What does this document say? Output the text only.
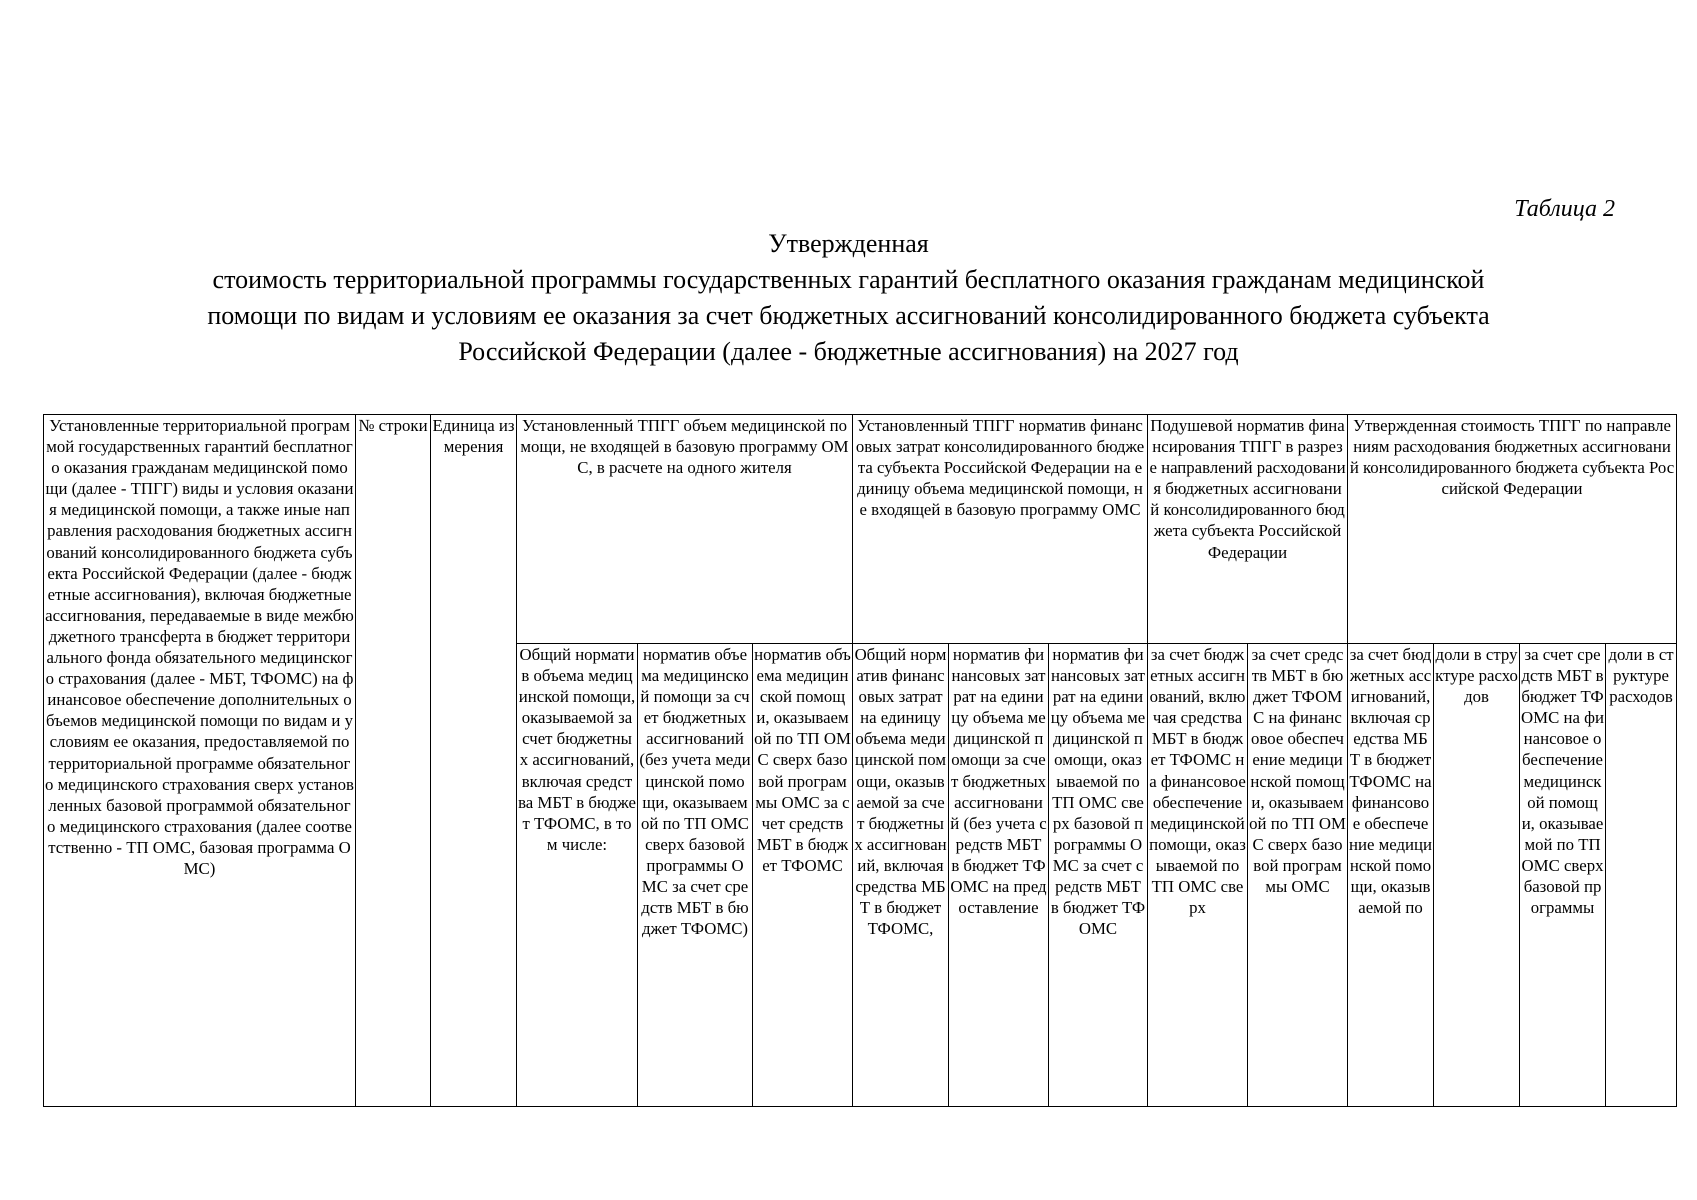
Таблица 2
Утвержденная
стоимость территориальной программы государственных гарантий бесплатного оказания гражданам медицинской
помощи по видам и условиям ее оказания за счет бюджетных ассигнований консолидированного бюджета субъекта
Российской Федерации (далее - бюджетные ассигнования) на 2027 год
Установленные территориальной программой государственных гарантий бесплатного оказания гражданам медицинской помощи (далее - ТПГГ) виды и условия оказания медицинской помощи, а также иные направления расходования бюджетных ассигнований консолидированного бюджета субъекта Российской Федерации (далее - бюджетные ассигнования), включая бюджетные ассигнования, передаваемые в виде межбюджетного трансферта в бюджет территориального фонда обязательного медицинского страхования (далее - МБТ, ТФОМС) на финансовое обеспечение дополнительных объемов медицинской помощи по видам и условиям ее оказания, предоставляемой по территориальной программе обязательного медицинского страхования сверх установленных базовой программой обязательного медицинского страхования (далее соответственно - ТП ОМС, базовая программа ОМС)	№ строки	Единица измерения	Установленный ТПГГ объем медицинской помощи, не входящей в базовую программу ОМС, в расчете на одного жителя			Установленный ТПГГ норматив финансовых затрат консолидированного бюджета субъекта Российской Федерации на единицу объема медицинской помощи, не входящей в базовую программу ОМС			Подушевой норматив финансирования ТПГГ в разрезе направлений расходования бюджетных ассигнований консолидированного бюджета субъекта Российской Федерации		Утвержденная стоимость ТПГГ по направлениям расходования бюджетных ассигнований консолидированного бюджета субъекта Российской Федерации			
			Общий норматив объема медицинской помощи, оказываемой за счет бюджетных ассигнований, включая средства МБТ в бюджет ТФОМС, в том числе:	норматив объема медицинской помощи за счет бюджетных ассигнований (без учета медицинской помощи, оказываемой по ТП ОМС сверх базовой программы ОМС за счет средств МБТ в бюджет ТФОМС)	норматив объема медицинской помощи, оказываемой по ТП ОМС сверх базовой программы ОМС за счет средств МБТ в бюджет ТФОМС	Общий норматив финансовых затрат на единицу объема медицинской помощи, оказываемой за счет бюджетных ассигнований, включая средства МБТ в бюджет ТФОМС,	норматив финансовых затрат на единицу объема медицинской помощи за счет бюджетных ассигнований (без учета средств МБТ в бюджет ТФОМС на предоставление	норматив финансовых затрат на единицу объема медицинской помощи, оказываемой по ТП ОМС сверх базовой программы ОМС за счет средств МБТ в бюджет ТФОМС	за счет бюджетных ассигнований, включая средства МБТ в бюджет ТФОМС на финансовое обеспечение медицинской помощи, оказываемой по ТП ОМС сверх	за счет средств МБТ в бюджет ТФОМС на финансовое обеспечение медицинской помощи, оказываемой по ТП ОМС сверх базовой программы ОМС	за счет бюджетных ассигнований, включая средства МБТ в бюджет ТФОМС на финансовое обеспечение медицинской помощи, оказываемой по	доли в структуре расходов	за счет средств МБТ в бюджет ТФОМС на финансовое обеспечение медицинской помощи, оказываемой по ТП ОМС сверх базовой программы	доли в структуре расходов
